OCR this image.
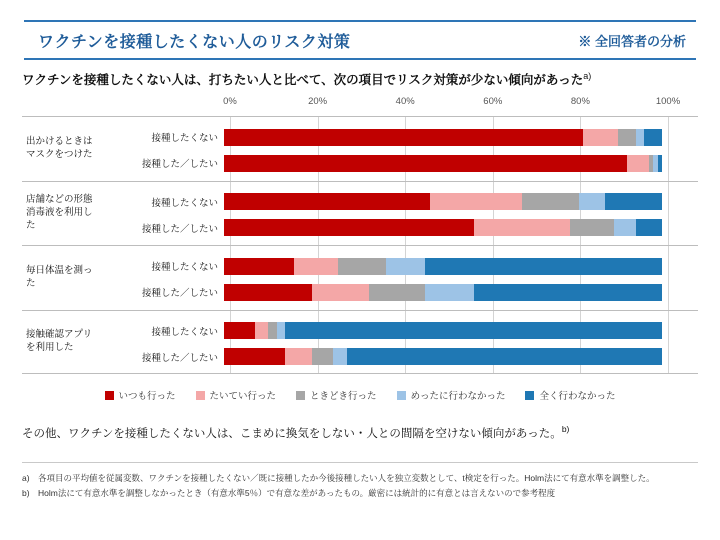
ワクチンを接種したくない人のリスク対策	※ 全回答者の分析
ワクチンを接種したくない人は、打ちたい人と比べて、次の項目でリスク対策が少ない傾向があった$^{a)}$
0%	20%	40%	60%	80%	100%
出かけるときは
マスクをつけた
接種したくない
接種した／したい
店舗などの形態
消毒液を利用し
た
接種したくない
接種した／したい
毎日体温を測っ
た
接種したくない
接種した／したい
接触確認アプリ
を利用した
接種したくない
接種した／したい
いつも行った	たいてい行った	ときどき行った	めったに行わなかった	全く行わなかった
その他、ワクチンを接種したくない人は、こまめに換気をしない・人との間隔を空けない傾向があった。$^{b)}$
a) 各項目の平均値を従属変数、ワクチンを接種したくない／既に接種したか今後接種したい人を独立変数として、t検定を行った。Holm法にて有意水準を調整した。
b) Holm法にて有意水準を調整しなかったとき（有意水準5％）で有意な差があったもの。厳密には統計的に有意とは言えないので参考程度
